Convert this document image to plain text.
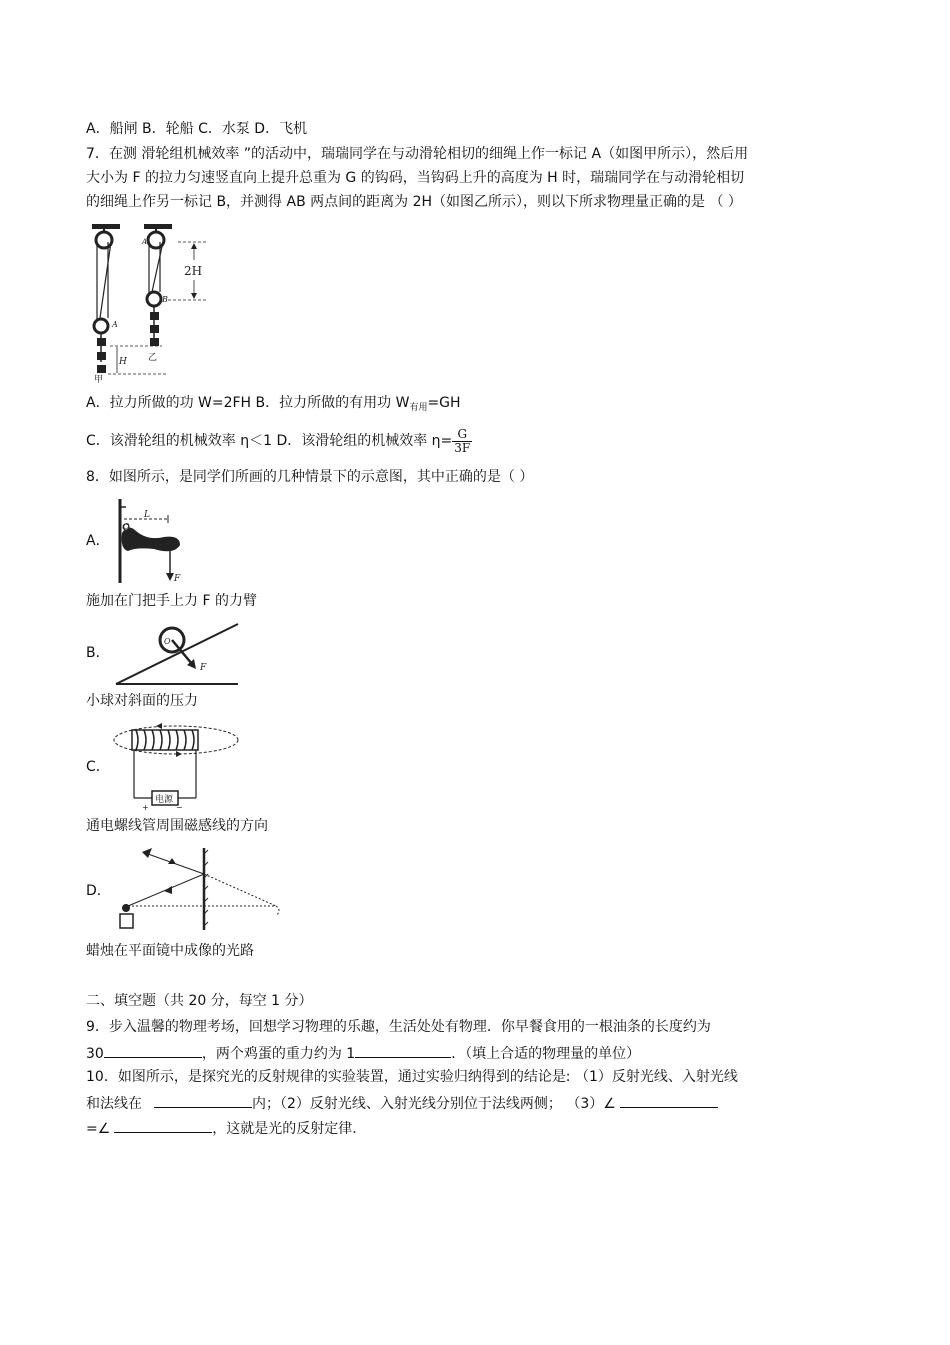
A．船闸 B．轮船 C．水泵 D．飞机
7．在测 滑轮组机械效率 ”的活动中，瑞瑞同学在与动滑轮相切的细绳上作一标记 A（如图甲所示），然后用
大小为 F 的拉力匀速竖直向上提升总重为 G 的钩码，当钩码上升的高度为 H 时，瑞瑞同学在与动滑轮相切
的细绳上作另一标记 B，并测得 AB 两点间的距离为 2H（如图乙所示），则以下所求物理量正确的是 （ ）
2H
H
A
A
B
乙
甲
A．拉力所做的功 W=2FH B．拉力所做的有用功 $W_{有用}=GH$
C．该滑轮组的机械效率 η＜1 D．该滑轮组的机械效率 $\eta= \frac{G}{3F}$
8．如图所示，是同学们所画的几种情景下的示意图，其中正确的是（ ）
A．
L
O
F
施加在门把手上力 F 的力臂
B．
O
F
小球对斜面的压力
C．
电源
+	−
通电螺线管周围磁感线的方向
D．
蜡烛在平面镜中成像的光路
二、填空题（共 20 分，每空 1 分）
9．步入温馨的物理考场，回想学习物理的乐趣，生活处处有物理．你早餐食用的一根油条的长度约为
30	，两个鸡蛋的重力约为 1	．（填上合适的物理量的单位）
10．如图所示，是探究光的反射规律的实验装置，通过实验归纳得到的结论是: （1）反射光线、入射光线
和法线在	内；（2）反射光线、入射光线分别位于法线两侧； （3）∠
=∠	，这就是光的反射定律.
